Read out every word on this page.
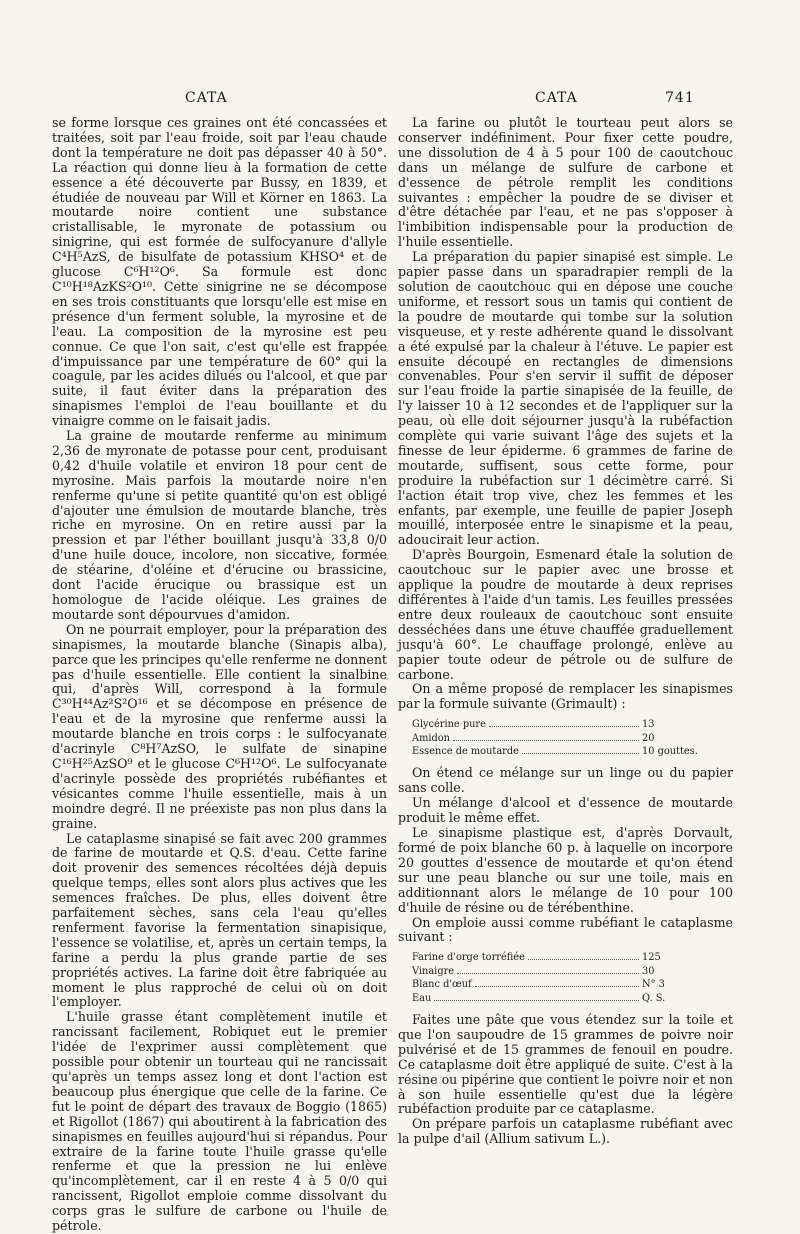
CATA	CATA	741

se forme lorsque ces graines ont été concassées et traitées, soit par l'eau froide, soit par l'eau chaude dont la température ne doit pas dépasser 40 à 50°. La réaction qui donne lieu à la formation de cette essence a été découverte par Bussy, en 1839, et étudiée de nouveau par Will et Körner en 1863. La moutarde noire contient une substance cristallisable, le myronate de potassium ou sinigrine, qui est formée de sulfocyanure d'allyle C⁴H⁵AzS, de bisulfate de potassium KHSO⁴ et de glucose C⁶H¹²O⁶. Sa formule est donc C¹⁰H¹⁸AzKS²O¹⁰. Cette sinigrine ne se décompose en ses trois constituants que lorsqu'elle est mise en présence d'un ferment soluble, la myrosine et de l'eau. La composition de la myrosine est peu connue. Ce que l'on sait, c'est qu'elle est frappée d'impuissance par une température de 60° qui la coagule, par les acides dilués ou l'alcool, et que par suite, il faut éviter dans la préparation des sinapismes l'emploi de l'eau bouillante et du vinaigre comme on le faisait jadis.

La graine de moutarde renferme au minimum 2,36 de myronate de potasse pour cent, produisant 0,42 d'huile volatile et environ 18 pour cent de myrosine. Mais parfois la moutarde noire n'en renferme qu'une si petite quantité qu'on est obligé d'ajouter une émulsion de moutarde blanche, très riche en myrosine. On en retire aussi par la pression et par l'éther bouillant jusqu'à 33,8 0/0 d'une huile douce, incolore, non siccative, formée de stéarine, d'oléine et d'érucine ou brassicine, dont l'acide érucique ou brassique est un homologue de l'acide oléique. Les graines de moutarde sont dépourvues d'amidon.

On ne pourrait employer, pour la préparation des sinapismes, la moutarde blanche (Sinapis alba), parce que les principes qu'elle renferme ne donnent pas d'huile essentielle. Elle contient la sinalbine qui, d'après Will, correspond à la formule C³⁰H⁴⁴Az²S²O¹⁶ et se décompose en présence de l'eau et de la myrosine que renferme aussi la moutarde blanche en trois corps : le sulfocyanate d'acrinyle C⁸H⁷AzSO, le sulfate de sinapine C¹⁶H²⁵AzSO⁹ et le glucose C⁶H¹²O⁶. Le sulfocyanate d'acrinyle possède des propriétés rubéfiantes et vésicantes comme l'huile essentielle, mais à un moindre degré. Il ne préexiste pas non plus dans la graine.

Le cataplasme sinapisé se fait avec 200 grammes de farine de moutarde et Q.S. d'eau. Cette farine doit provenir des semences récoltées déjà depuis quelque temps, elles sont alors plus actives que les semences fraîches. De plus, elles doivent être parfaitement sèches, sans cela l'eau qu'elles renferment favorise la fermentation sinapisique, l'essence se volatilise, et, après un certain temps, la farine a perdu la plus grande partie de ses propriétés actives. La farine doit être fabriquée au moment le plus rapproché de celui où on doit l'employer.

L'huile grasse étant complètement inutile et rancissant facilement, Robiquet eut le premier l'idée de l'exprimer aussi complètement que possible pour obtenir un tourteau qui ne rancissait qu'après un temps assez long et dont l'action est beaucoup plus énergique que celle de la farine. Ce fut le point de départ des travaux de Boggio (1865) et Rigollot (1867) qui aboutirent à la fabrication des sinapismes en feuilles aujourd'hui si répandus. Pour extraire de la farine toute l'huile grasse qu'elle renferme et que la pression ne lui enlève qu'incomplètement, car il en reste 4 à 5 0/0 qui rancissent, Rigollot emploie comme dissolvant du corps gras le sulfure de carbone ou l'huile de pétrole.

La farine ou plutôt le tourteau peut alors se conserver indéfiniment. Pour fixer cette poudre, une dissolution de 4 à 5 pour 100 de caoutchouc dans un mélange de sulfure de carbone et d'essence de pétrole remplit les conditions suivantes : empêcher la poudre de se diviser et d'être détachée par l'eau, et ne pas s'opposer à l'imbibition indispensable pour la production de l'huile essentielle.

La préparation du papier sinapisé est simple. Le papier passe dans un sparadrapier rempli de la solution de caoutchouc qui en dépose une couche uniforme, et ressort sous un tamis qui contient de la poudre de moutarde qui tombe sur la solution visqueuse, et y reste adhérente quand le dissolvant a été expulsé par la chaleur à l'étuve. Le papier est ensuite découpé en rectangles de dimensions convenables. Pour s'en servir il suffit de déposer sur l'eau froide la partie sinapisée de la feuille, de l'y laisser 10 à 12 secondes et de l'appliquer sur la peau, où elle doit séjourner jusqu'à la rubéfaction complète qui varie suivant l'âge des sujets et la finesse de leur épiderme. 6 grammes de farine de moutarde, suffisent, sous cette forme, pour produire la rubéfaction sur 1 décimètre carré. Si l'action était trop vive, chez les femmes et les enfants, par exemple, une feuille de papier Joseph mouillé, interposée entre le sinapisme et la peau, adoucirait leur action.

D'après Bourgoin, Esmenard étale la solution de caoutchouc sur le papier avec une brosse et applique la poudre de moutarde à deux reprises différentes à l'aide d'un tamis. Les feuilles pressées entre deux rouleaux de caoutchouc sont ensuite desséchées dans une étuve chauffée graduellement jusqu'à 60°. Le chauffage prolongé, enlève au papier toute odeur de pétrole ou de sulfure de carbone.

On a même proposé de remplacer les sinapismes par la formule suivante (Grimault) :

Glycérine pure	13
Amidon	20
Essence de moutarde	10 gouttes.

On étend ce mélange sur un linge ou du papier sans colle.

Un mélange d'alcool et d'essence de moutarde produit le même effet.

Le sinapisme plastique est, d'après Dorvault, formé de poix blanche 60 p. à laquelle on incorpore 20 gouttes d'essence de moutarde et qu'on étend sur une peau blanche ou sur une toile, mais en additionnant alors le mélange de 10 pour 100 d'huile de résine ou de térébenthine.

On emploie aussi comme rubéfiant le cataplasme suivant :

Farine d'orge torréfiée	125
Vinaigre	30
Blanc d'œuf	N° 3
Eau	Q. S.

Faites une pâte que vous étendez sur la toile et que l'on saupoudre de 15 grammes de poivre noir pulvérisé et de 15 grammes de fenouil en poudre. Ce cataplasme doit être appliqué de suite. C'est à la résine ou pipérine que contient le poivre noir et non à son huile essentielle qu'est due la légère rubéfaction produite par ce cataplasme.

On prépare parfois un cataplasme rubéfiant avec la pulpe d'ail (Allium sativum L.).
